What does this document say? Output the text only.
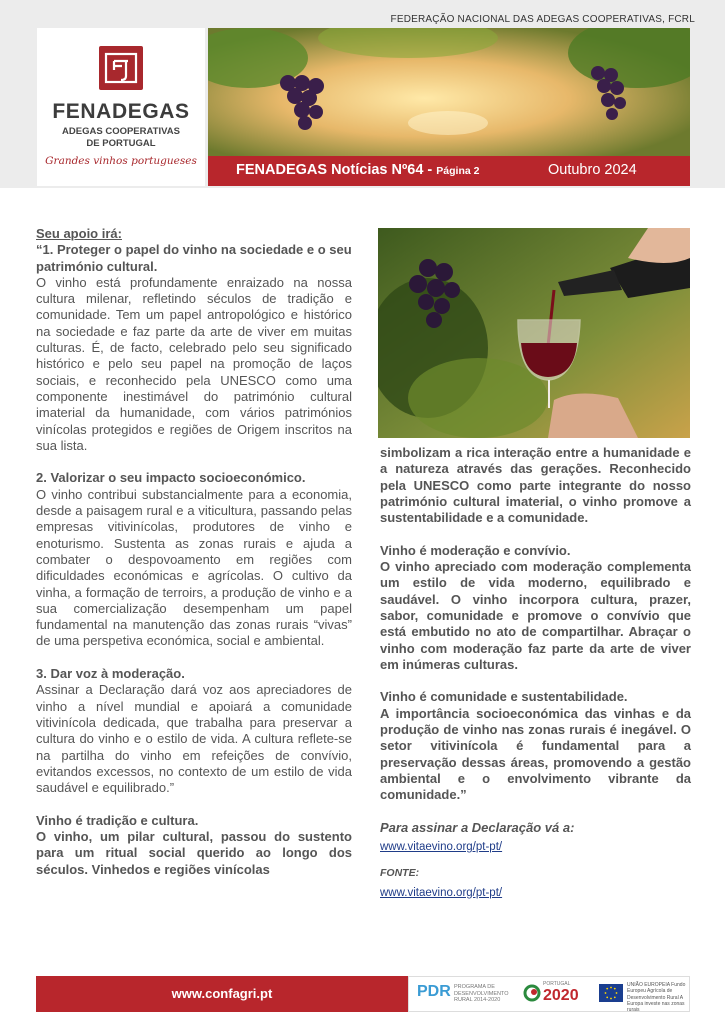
FEDERAÇÃO NACIONAL DAS ADEGAS COOPERATIVAS, FCRL
FENADEGAS
ADEGAS COOPERATIVAS
DE PORTUGAL
Grandes vinhos portugueses
FENADEGAS Notícias Nº64 - Página 2	Outubro 2024
Seu apoio irá:
“1. Proteger o papel do vinho na sociedade e o seu património cultural.
O vinho está profundamente enraizado na nossa cultura milenar, refletindo séculos de tradição e comunidade. Tem um papel antropológico e histórico na sociedade e faz parte da arte de viver em muitas culturas. É, de facto, celebrado pelo seu significado histórico e pelo seu papel na promoção de laços sociais, e reconhecido pela UNESCO como uma componente inestimável do património cultural imaterial da humanidade, com vários patrimónios vinícolas protegidos e regiões de Origem inscritos na sua lista.
2. Valorizar o seu impacto socioeconómico.
O vinho contribui substancialmente para a economia, desde a paisagem rural e a viticultura, passando pelas empresas vitivinícolas, produtores de vinho e enoturismo. Sustenta as zonas rurais e ajuda a combater o despovoamento em regiões com dificuldades económicas e agrícolas. O cultivo da vinha, a formação de terroirs, a produção de vinho e a sua comercialização desempenham um papel fundamental na manutenção das zonas rurais “vivas” de uma perspetiva económica, social e ambiental.
3. Dar voz à moderação.
Assinar a Declaração dará voz aos apreciadores de vinho a nível mundial e apoiará a comunidade vitivinícola dedicada, que trabalha para preservar a cultura do vinho e o estilo de vida. A cultura reflete-se na partilha do vinho em refeições de convívio, evitandos excessos, no contexto de um estilo de vida saudável e equilibrado.”
Vinho é tradição e cultura.
O vinho, um pilar cultural, passou do sustento para um ritual social querido ao longo dos séculos. Vinhedos e regiões vinícolas
simbolizam a rica interação entre a humanidade e a natureza através das gerações. Reconhecido pela UNESCO como parte integrante do nosso património cultural imaterial, o vinho promove a sustentabilidade e a comunidade.
Vinho é moderação e convívio.
O vinho apreciado com moderação complementa um estilo de vida moderno, equilibrado e saudável. O vinho incorpora cultura, prazer, sabor, comunidade e promove o convívio que está embutido no ato de compartilhar. Abraçar o vinho com moderação faz parte da arte de viver em inúmeras culturas.
Vinho é comunidade e sustentabilidade.
A importância socioeconómica das vinhas e da produção de vinho nas zonas rurais é inegável. O setor vitivinícola é fundamental para a preservação dessas áreas, promovendo a gestão ambiental e o envolvimento vibrante da comunidade.”
Para assinar a Declaração vá a:
www.vitaevino.org/pt-pt/
FONTE:
www.vitaevino.org/pt-pt/
www.confagri.pt	PDR PROGRAMA DE DESENVOLVIMENTO RURAL 2014-2020
PORTUGAL
2020
UNIÃO EUROPEIA Fundo Europeu Agrícola de Desenvolvimento Rural A Europa investe nas zonas rurais
